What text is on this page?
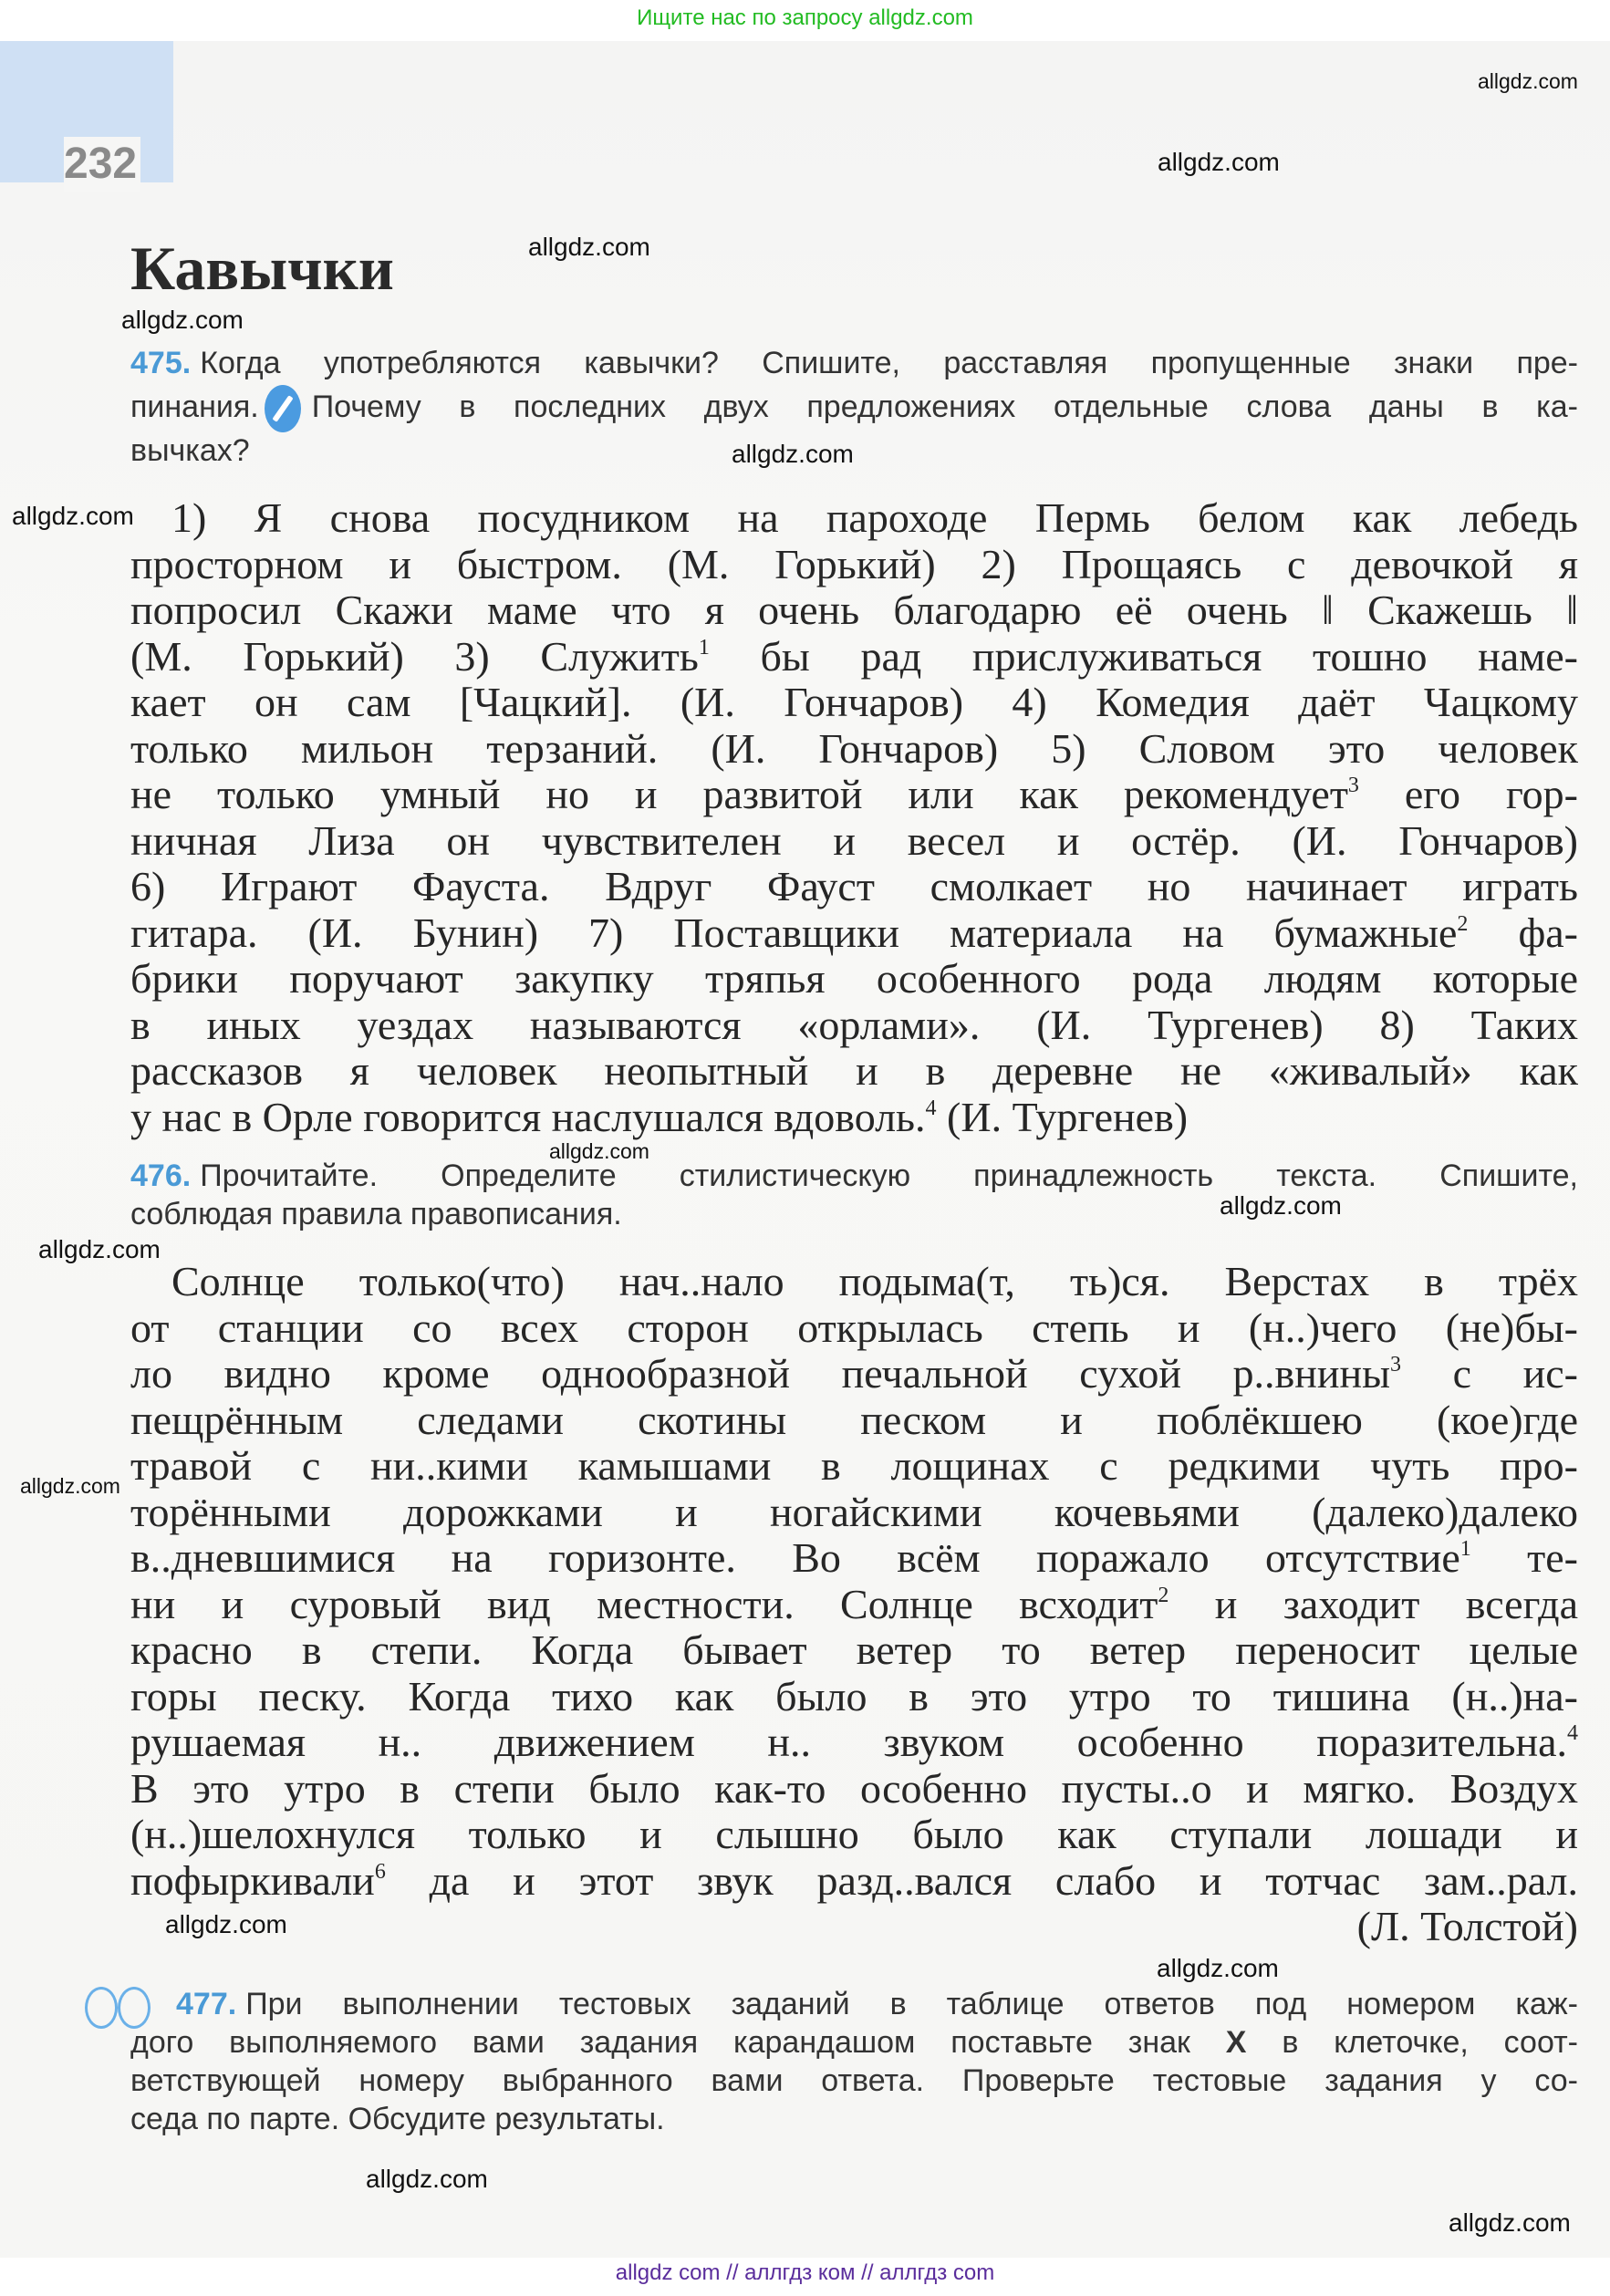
Ищите нас по запросу allgdz.com
232
Кавычки
475. Когда употребляются кавычки? Спишите, расставляя пропущенные знаки пре-
пинания. Почему в последних двух предложениях отдельные слова даны в ка-
вычках?
1) Я снова посудником на пароходе Пермь белом как лебедь
просторном и быстром. (М. Горький) 2) Прощаясь с девочкой я
попросил Скажи маме что я очень благодарю её очень ‖ Скажешь ‖
(М. Горький) 3) Служить$^1$ бы рад прислуживаться тошно наме-
кает он сам [Чацкий]. (И. Гончаров) 4) Комедия даёт Чацкому
только мильон терзаний. (И. Гончаров) 5) Словом это человек
не только умный но и развитой или как рекомендует$^3$ его гор-
ничная Лиза он чувствителен и весел и остёр. (И. Гончаров)
6) Играют Фауста. Вдруг Фауст смолкает но начинает играть
гитара. (И. Бунин) 7) Поставщики материала на бумажные$^2$ фа-
брики поручают закупку тряпья особенного рода людям которые
в иных уездах называются «орлами». (И. Тургенев) 8) Таких
рассказов я человек неопытный и в деревне не «живалый» как
у нас в Орле говорится наслушался вдоволь.$^4$ (И. Тургенев)
476. Прочитайте. Определите стилистическую принадлежность текста. Спишите,
соблюдая правила правописания.
Солнце только(что) нач..нало подыма(т, ть)ся. Верстах в трёх
от станции со всех сторон открылась степь и (н..)чего (не)бы-
ло видно кроме однообразной печальной сухой р..внины$^3$ с ис-
пещрённым следами скотины песком и поблёкшею (кое)где
травой с ни..кими камышами в лощинах с редкими чуть про-
торёнными дорожками и ногайскими кочевьями (далеко)далеко
в..дневшимися на горизонте. Во всём поражало отсутствие$^1$ те-
ни и суровый вид местности. Солнце всходит$^2$ и заходит всегда
красно в степи. Когда бывает ветер то ветер переносит целые
горы песку. Когда тихо как было в это утро то тишина (н..)на-
рушаемая н.. движением н.. звуком особенно поразительна.$^4$
В это утро в степи было как-то особенно пусты..о и мягко. Воздух
(н..)шелохнулся только и слышно было как ступали лошади и
пофыркивали$^6$ да и этот звук разд..вался слабо и тотчас зам..рал.
(Л. Толстой)
477. При выполнении тестовых заданий в таблице ответов под номером каж-
дого выполняемого вами задания карандашом поставьте знак X в клеточке, соот-
ветствующей номеру выбранного вами ответа. Проверьте тестовые задания у со-
седа по парте. Обсудите результаты.
allgdz.com
allgdz.com
allgdz.com
allgdz.com
allgdz.com
allgdz.com
allgdz.com
allgdz.com
allgdz.com
allgdz.com
allgdz.com
allgdz.com
allgdz.com
allgdz.com
allgdz com // аллгдз ком // аллгдз com
